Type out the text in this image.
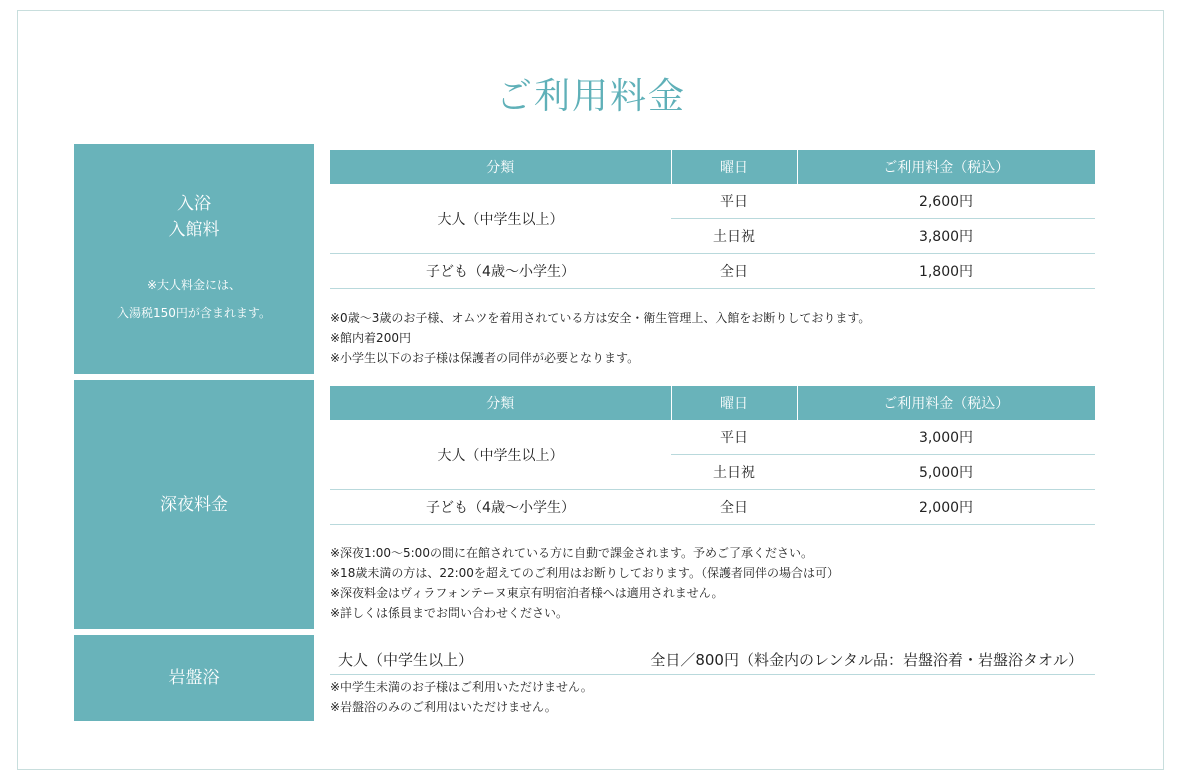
ご利用料金
入浴
入館料
※大人料金には、
入湯税150円が含まれます。
分類	曜日	ご利用料金（税込）
大人（中学生以上）	平日	2,600円
	土日祝	3,800円
子ども（4歳〜小学生）	全日	1,800円
※0歳〜3歳のお子様、オムツを着用されている方は安全・衛生管理上、入館をお断りしております。
※館内着200円
※小学生以下のお子様は保護者の同伴が必要となります。
深夜料金
分類	曜日	ご利用料金（税込）
大人（中学生以上）	平日	3,000円
	土日祝	5,000円
子ども（4歳〜小学生）	全日	2,000円
※深夜1:00〜5:00の間に在館されている方に自動で課金されます。予めご了承ください。
※18歳未満の方は、22:00を超えてのご利用はお断りしております。（保護者同伴の場合は可）
※深夜料金はヴィラフォンテーヌ東京有明宿泊者様へは適用されません。
※詳しくは係員までお問い合わせください。
岩盤浴
大人（中学生以上）	全日／800円（料金内のレンタル品：岩盤浴着・岩盤浴タオル）
※中学生未満のお子様はご利用いただけません。
※岩盤浴のみのご利用はいただけません。
